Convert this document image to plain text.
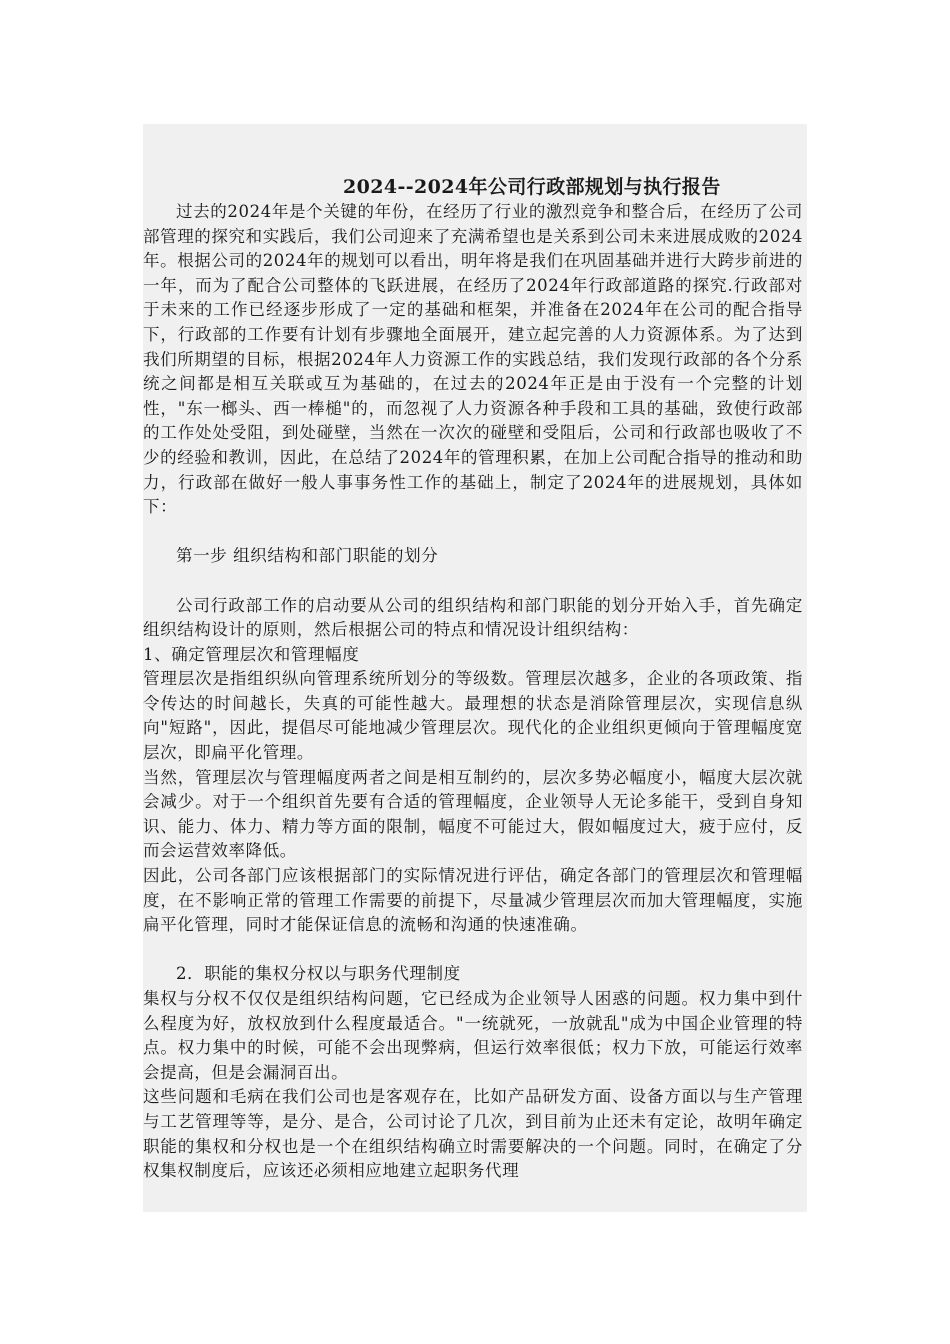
2024--2024年公司行政部规划与执行报告

过去的2024年是个关键的年份，在经历了行业的激烈竞争和整合后，在经历了公司部管理的探究和实践后，我们公司迎来了充满希望也是关系到公司未来进展成败的2024年。根据公司的2024年的规划可以看出，明年将是我们在巩固基础并进行大跨步前进的一年，而为了配合公司整体的飞跃进展，在经历了2024年行政部道路的探究.行政部对于未来的工作已经逐步形成了一定的基础和框架，并准备在2024年在公司的配合指导下，行政部的工作要有计划有步骤地全面展开，建立起完善的人力资源体系。为了达到我们所期望的目标，根据2024年人力资源工作的实践总结，我们发现行政部的各个分系统之间都是相互关联或互为基础的，在过去的2024年正是由于没有一个完整的计划性，"东一榔头、西一棒槌"的，而忽视了人力资源各种手段和工具的基础，致使行政部的工作处处受阻，到处碰壁，当然在一次次的碰壁和受阻后，公司和行政部也吸收了不少的经验和教训，因此，在总结了2024年的管理积累，在加上公司配合指导的推动和助力，行政部在做好一般人事事务性工作的基础上，制定了2024年的进展规划，具体如下：

第一步 组织结构和部门职能的划分

公司行政部工作的启动要从公司的组织结构和部门职能的划分开始入手，首先确定组织结构设计的原则，然后根据公司的特点和情况设计组织结构：

1、确定管理层次和管理幅度

管理层次是指组织纵向管理系统所划分的等级数。管理层次越多，企业的各项政策、指令传达的时间越长，失真的可能性越大。最理想的状态是消除管理层次，实现信息纵向"短路"，因此，提倡尽可能地减少管理层次。现代化的企业组织更倾向于管理幅度宽层次，即扁平化管理。

当然，管理层次与管理幅度两者之间是相互制约的，层次多势必幅度小，幅度大层次就会减少。对于一个组织首先要有合适的管理幅度，企业领导人无论多能干，受到自身知识、能力、体力、精力等方面的限制，幅度不可能过大，假如幅度过大，疲于应付，反而会运营效率降低。

因此，公司各部门应该根据部门的实际情况进行评估，确定各部门的管理层次和管理幅度，在不影响正常的管理工作需要的前提下，尽量减少管理层次而加大管理幅度，实施扁平化管理，同时才能保证信息的流畅和沟通的快速准确。

2．职能的集权分权以与职务代理制度

集权与分权不仅仅是组织结构问题，它已经成为企业领导人困惑的问题。权力集中到什么程度为好，放权放到什么程度最适合。"一统就死，一放就乱"成为中国企业管理的特点。权力集中的时候，可能不会出现弊病，但运行效率很低；权力下放，可能运行效率会提高，但是会漏洞百出。

这些问题和毛病在我们公司也是客观存在，比如产品研发方面、设备方面以与生产管理与工艺管理等等，是分、是合，公司讨论了几次，到目前为止还未有定论，故明年确定职能的集权和分权也是一个在组织结构确立时需要解决的一个问题。同时，在确定了分权集权制度后，应该还必须相应地建立起职务代理
